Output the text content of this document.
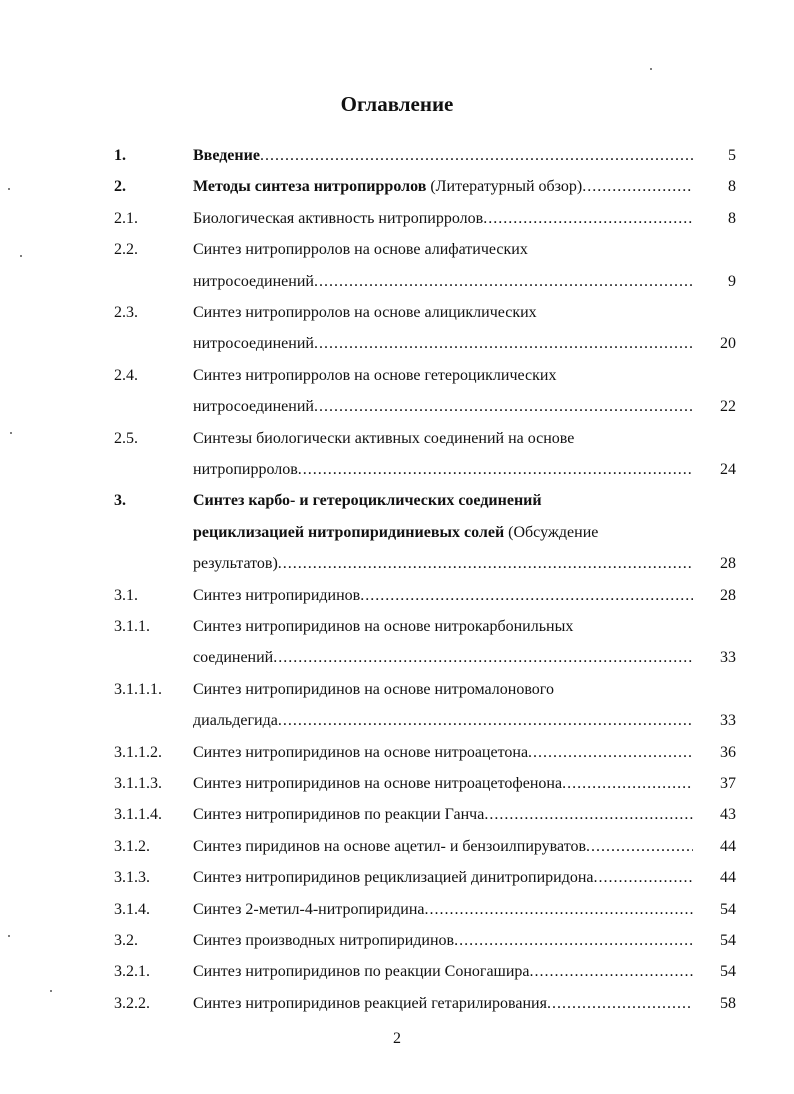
Оглавление
1.	Введение .....	5
2.	Методы синтеза нитропирролов (Литературный обзор) .....	8
2.1.	Биологическая активность нитропирролов .....	8
2.2.	Синтез нитропирролов на основе алифатических
нитросоединений .....	9
2.3.	Синтез нитропирролов на основе алициклических
нитросоединений .....	20
2.4.	Синтез нитропирролов на основе гетероциклических
нитросоединений .....	22
2.5.	Синтезы биологически активных соединений на основе
нитропирролов .....	24
3.	Синтез карбо- и гетероциклических соединений
рециклизацией нитропиридиниевых солей (Обсуждение
результатов) .....	28
3.1.	Синтез нитропиридинов .....	28
3.1.1.	Синтез нитропиридинов на основе нитрокарбонильных
соединений .....	33
3.1.1.1. Синтез нитропиридинов на основе нитромалонового
диальдегида .....	33
3.1.1.2. Синтез нитропиридинов на основе нитроацетона .....	36
3.1.1.3. Синтез нитропиридинов на основе нитроацетофенона .....	37
3.1.1.4. Синтез нитропиридинов по реакции Ганча .....	43
3.1.2.	Синтез пиридинов на основе ацетил- и бензоилпируватов .....	44
3.1.3.	Синтез нитропиридинов рециклизацией динитропиридона .....	44
3.1.4.	Синтез 2-метил-4-нитропиридина .....	54
3.2.	Синтез производных нитропиридинов .....	54
3.2.1.	Синтез нитропиридинов по реакции Соногашира .....	54
3.2.2.	Синтез нитропиридинов реакцией гетарилирования .....	58
2
